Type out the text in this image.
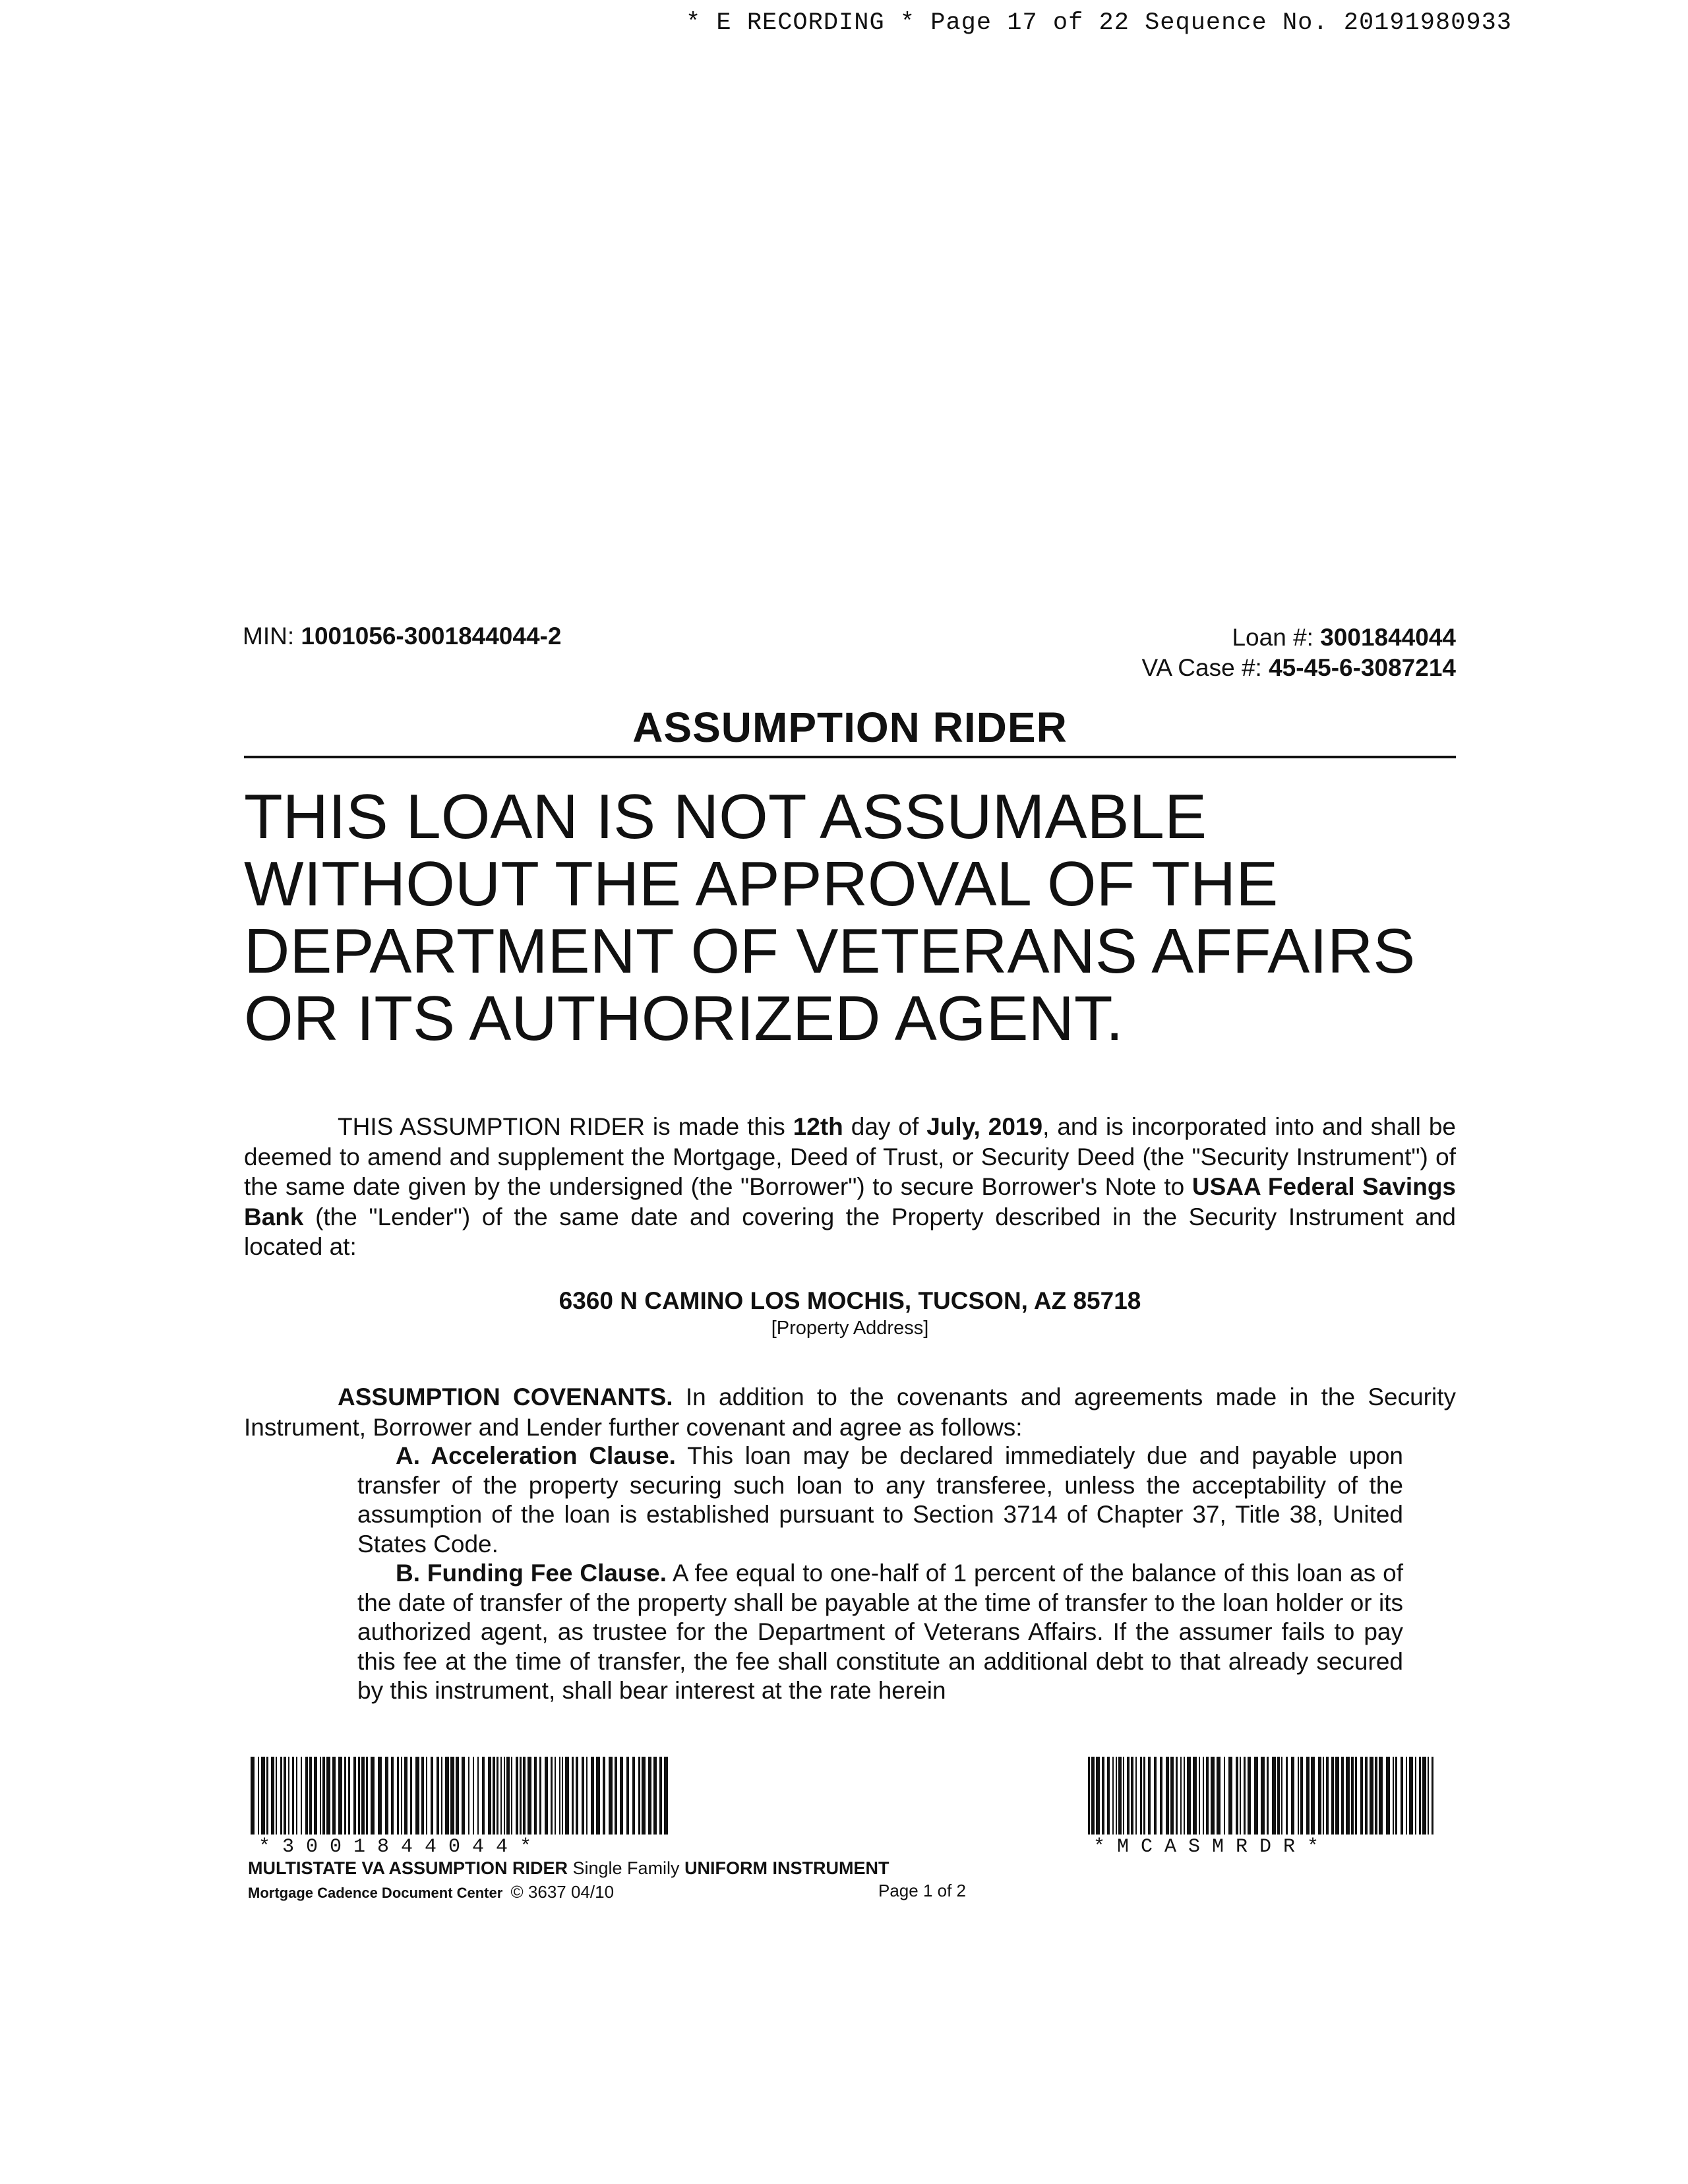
* E RECORDING * Page 17 of 22 Sequence No. 20191980933
MIN: 1001056-3001844044-2	Loan #: 3001844044
VA Case #: 45-45-6-3087214
ASSUMPTION RIDER
THIS LOAN IS NOT ASSUMABLE WITHOUT THE APPROVAL OF THE DEPARTMENT OF VETERANS AFFAIRS OR ITS AUTHORIZED AGENT.
THIS ASSUMPTION RIDER is made this 12th day of July, 2019, and is incorporated into and shall be deemed to amend and supplement the Mortgage, Deed of Trust, or Security Deed (the "Security Instrument") of the same date given by the undersigned (the "Borrower") to secure Borrower's Note to USAA Federal Savings Bank (the "Lender") of the same date and covering the Property described in the Security Instrument and located at:
6360 N CAMINO LOS MOCHIS, TUCSON, AZ 85718
[Property Address]
ASSUMPTION COVENANTS. In addition to the covenants and agreements made in the Security Instrument, Borrower and Lender further covenant and agree as follows:
A. Acceleration Clause. This loan may be declared immediately due and payable upon transfer of the property securing such loan to any transferee, unless the acceptability of the assumption of the loan is established pursuant to Section 3714 of Chapter 37, Title 38, United States Code.
B. Funding Fee Clause. A fee equal to one-half of 1 percent of the balance of this loan as of the date of transfer of the property shall be payable at the time of transfer to the loan holder or its authorized agent, as trustee for the Department of Veterans Affairs. If the assumer fails to pay this fee at the time of transfer, the fee shall constitute an additional debt to that already secured by this instrument, shall bear interest at the rate herein
* 3 0 0 1 8 4 4 0 4 4 *	* M C A S M R D R *
MULTISTATE VA ASSUMPTION RIDER Single Family UNIFORM INSTRUMENT
Mortgage Cadence Document Center © 3637 04/10	Page 1 of 2
